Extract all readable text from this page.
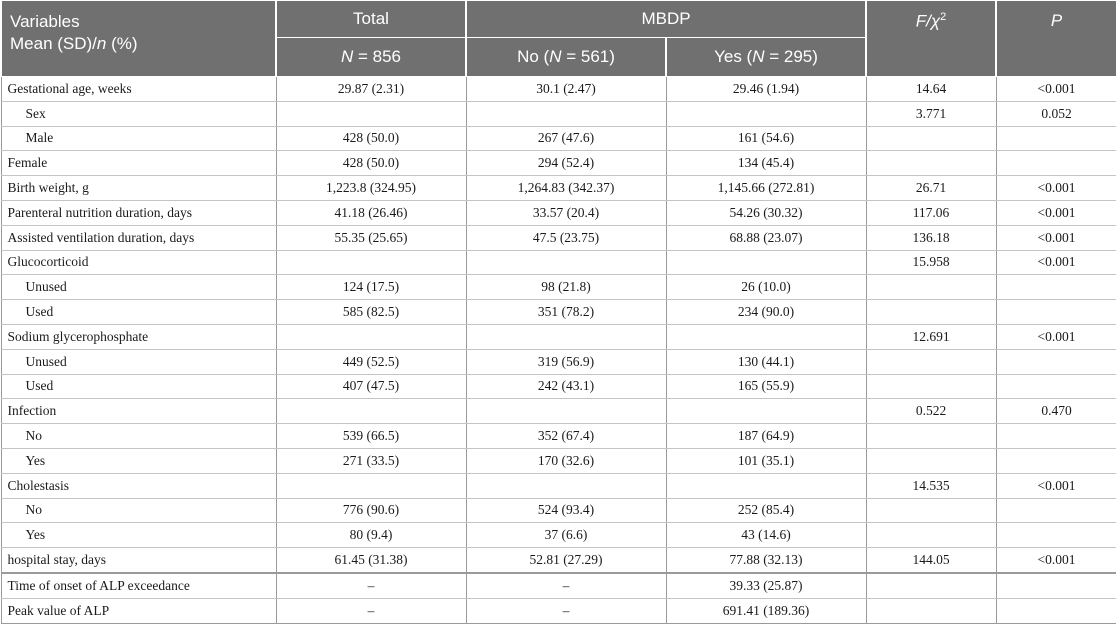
Variables
Mean (SD)/n (%)	Total	MBDP		$F/\chi^2$	P
	N = 856	No (N = 561)	Yes (N = 295)		
Gestational age, weeks	29.87 (2.31)	30.1 (2.47)	29.46 (1.94)	14.64	<0.001
Sex				3.771	0.052
Male	428 (50.0)	267 (47.6)	161 (54.6)		
Female	428 (50.0)	294 (52.4)	134 (45.4)		
Birth weight, g	1,223.8 (324.95)	1,264.83 (342.37)	1,145.66 (272.81)	26.71	<0.001
Parenteral nutrition duration, days	41.18 (26.46)	33.57 (20.4)	54.26 (30.32)	117.06	<0.001
Assisted ventilation duration, days	55.35 (25.65)	47.5 (23.75)	68.88 (23.07)	136.18	<0.001
Glucocorticoid				15.958	<0.001
Unused	124 (17.5)	98 (21.8)	26 (10.0)		
Used	585 (82.5)	351 (78.2)	234 (90.0)		
Sodium glycerophosphate				12.691	<0.001
Unused	449 (52.5)	319 (56.9)	130 (44.1)		
Used	407 (47.5)	242 (43.1)	165 (55.9)		
Infection				0.522	0.470
No	539 (66.5)	352 (67.4)	187 (64.9)		
Yes	271 (33.5)	170 (32.6)	101 (35.1)		
Cholestasis				14.535	<0.001
No	776 (90.6)	524 (93.4)	252 (85.4)		
Yes	80 (9.4)	37 (6.6)	43 (14.6)		
hospital stay, days	61.45 (31.38)	52.81 (27.29)	77.88 (32.13)	144.05	<0.001
Time of onset of ALP exceedance	–	–	39.33 (25.87)		
Peak value of ALP	–	–	691.41 (189.36)		
